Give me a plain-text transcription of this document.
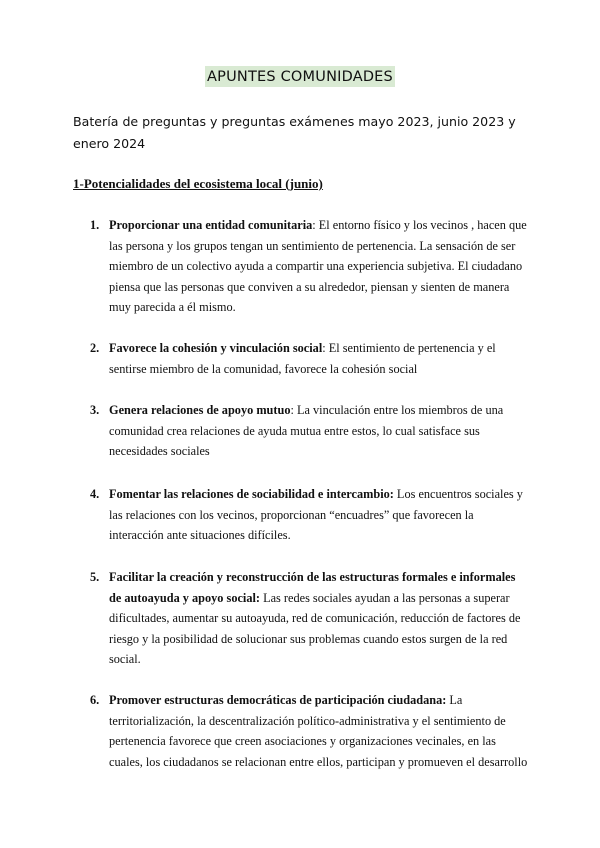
APUNTES COMUNIDADES
Batería de preguntas y preguntas exámenes mayo 2023, junio 2023 y enero 2024
1-Potencialidades del ecosistema local (junio)
1. Proporcionar una entidad comunitaria: El entorno físico y los vecinos , hacen que las persona y los grupos tengan un sentimiento de pertenencia. La sensación de ser miembro de un colectivo ayuda a compartir una experiencia subjetiva. El ciudadano piensa que las personas que conviven a su alrededor, piensan y sienten de manera muy parecida a él mismo.
2. Favorece la cohesión y vinculación social: El sentimiento de pertenencia y el sentirse miembro de la comunidad, favorece la cohesión social
3. Genera relaciones de apoyo mutuo: La vinculación entre los miembros de una comunidad crea relaciones de ayuda mutua entre estos, lo cual satisface sus necesidades sociales
4. Fomentar las relaciones de sociabilidad e intercambio: Los encuentros sociales y las relaciones con los vecinos, proporcionan “encuadres” que favorecen la interacción ante situaciones difíciles.
5. Facilitar la creación y reconstrucción de las estructuras formales e informales de autoayuda y apoyo social: Las redes sociales ayudan a las personas a superar dificultades, aumentar su autoayuda, red de comunicación, reducción de factores de riesgo y la posibilidad de solucionar sus problemas cuando estos surgen de la red social.
6. Promover estructuras democráticas de participación ciudadana: La territorialización, la descentralización político-administrativa y el sentimiento de pertenencia favorece que creen asociaciones y organizaciones vecinales, en las cuales, los ciudadanos se relacionan entre ellos, participan y promueven el desarrollo
